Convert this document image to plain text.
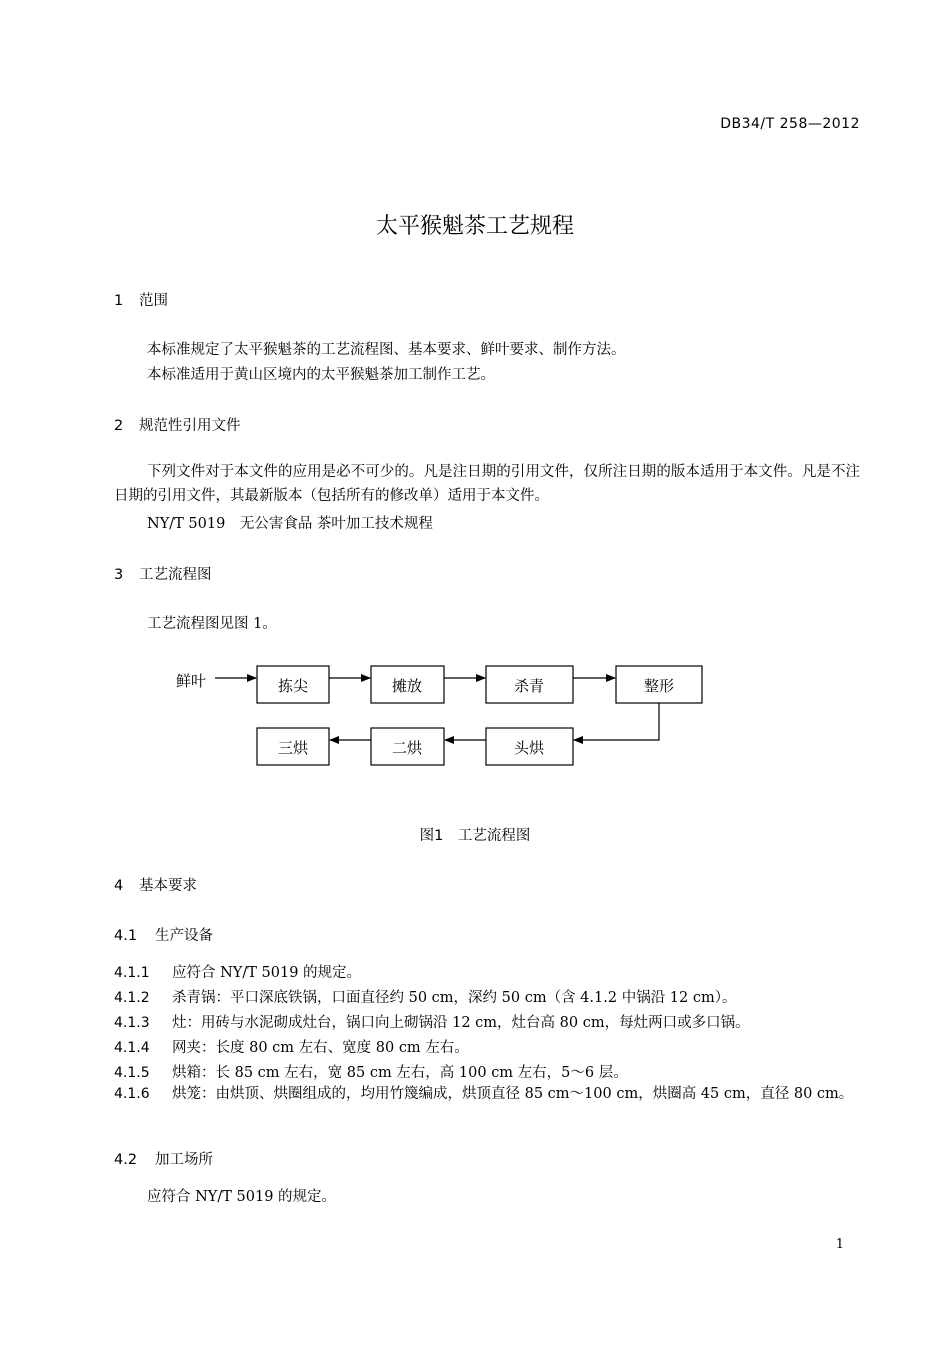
DB34/T 258—2012
太平猴魁茶工艺规程
1 范围
本标准规定了太平猴魁茶的工艺流程图、基本要求、鲜叶要求、制作方法。
本标准适用于黄山区境内的太平猴魁茶加工制作工艺。
2 规范性引用文件
下列文件对于本文件的应用是必不可少的。凡是注日期的引用文件，仅所注日期的版本适用于本文件。凡是不注日期的引用文件，其最新版本（包括所有的修改单）适用于本文件。
NY/T 5019　无公害食品 茶叶加工技术规程
3 工艺流程图
工艺流程图见图 1。
鲜叶	拣尖	摊放	杀青	整形
头烘
二烘
三烘
图1　工艺流程图
4 基本要求
4.1 生产设备
4.1.1 应符合 NY/T 5019 的规定。
4.1.2 杀青锅：平口深底铁锅，口面直径约 50 cm，深约 50 cm（含 4.1.2 中锅沿 12 cm）。
4.1.3 灶：用砖与水泥砌成灶台，锅口向上砌锅沿 12 cm，灶台高 80 cm，每灶两口或多口锅。
4.1.4 网夹：长度 80 cm 左右、宽度 80 cm 左右。
4.1.5 烘箱：长 85 cm 左右，宽 85 cm 左右，高 100 cm 左右，5～6 层。
4.1.6 烘笼：由烘顶、烘圈组成的，均用竹篾编成，烘顶直径 85 cm～100 cm，烘圈高 45 cm，直径 80 cm。
4.2 加工场所
应符合 NY/T 5019 的规定。
1
